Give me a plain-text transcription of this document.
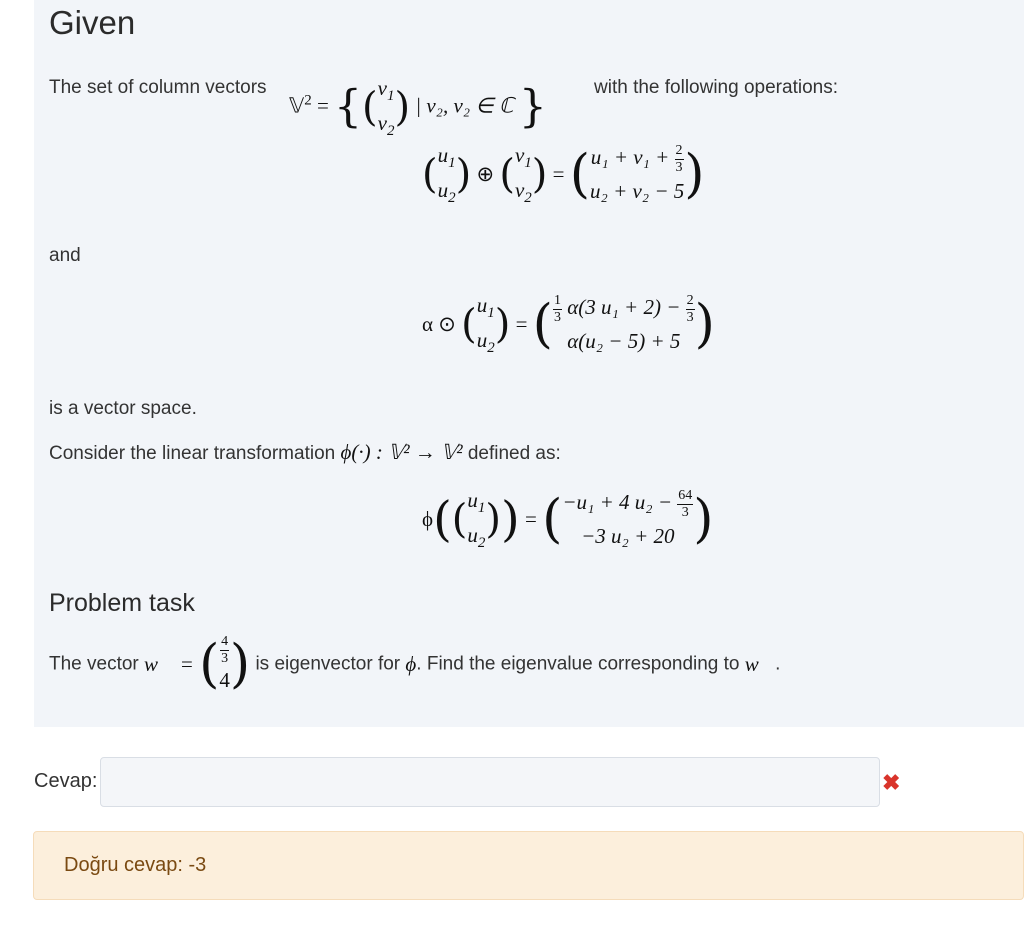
Given
The set of column vectors
𝕍$^2$ = {($v_1$
$v_2$) | v₂, v₂ ∈ ℂ } with the following operations:
($u_1$
$u_2$) ⊕ ($v_1$
$v_2) = (u_1 + v_1 + \frac{2}{3}$

u₂ + v₂ − 5)
and
α ⊙ ($u_1$
$u_2$) = ( $\frac{1}{3} \alpha(3$ $u_1 + 2) - \frac{2}{3}$

α(u₂ − 5) + 5 )
is a vector space.
Consider the linear transformation ϕ(·) : 𝕍² → 𝕍² defined as:
$\phi((u_1$
$u_2)) = (-u_1 + 4$ $u_2 - \frac{64}{3}$

−3 u₂ + 20 )
Problem task
The vector w⃗ = ( $\frac{4}{3}$

4) is eigenvector for ϕ. Find the eigenvalue corresponding to w⃗.
Cevap:	✖
Doğru cevap: -3
